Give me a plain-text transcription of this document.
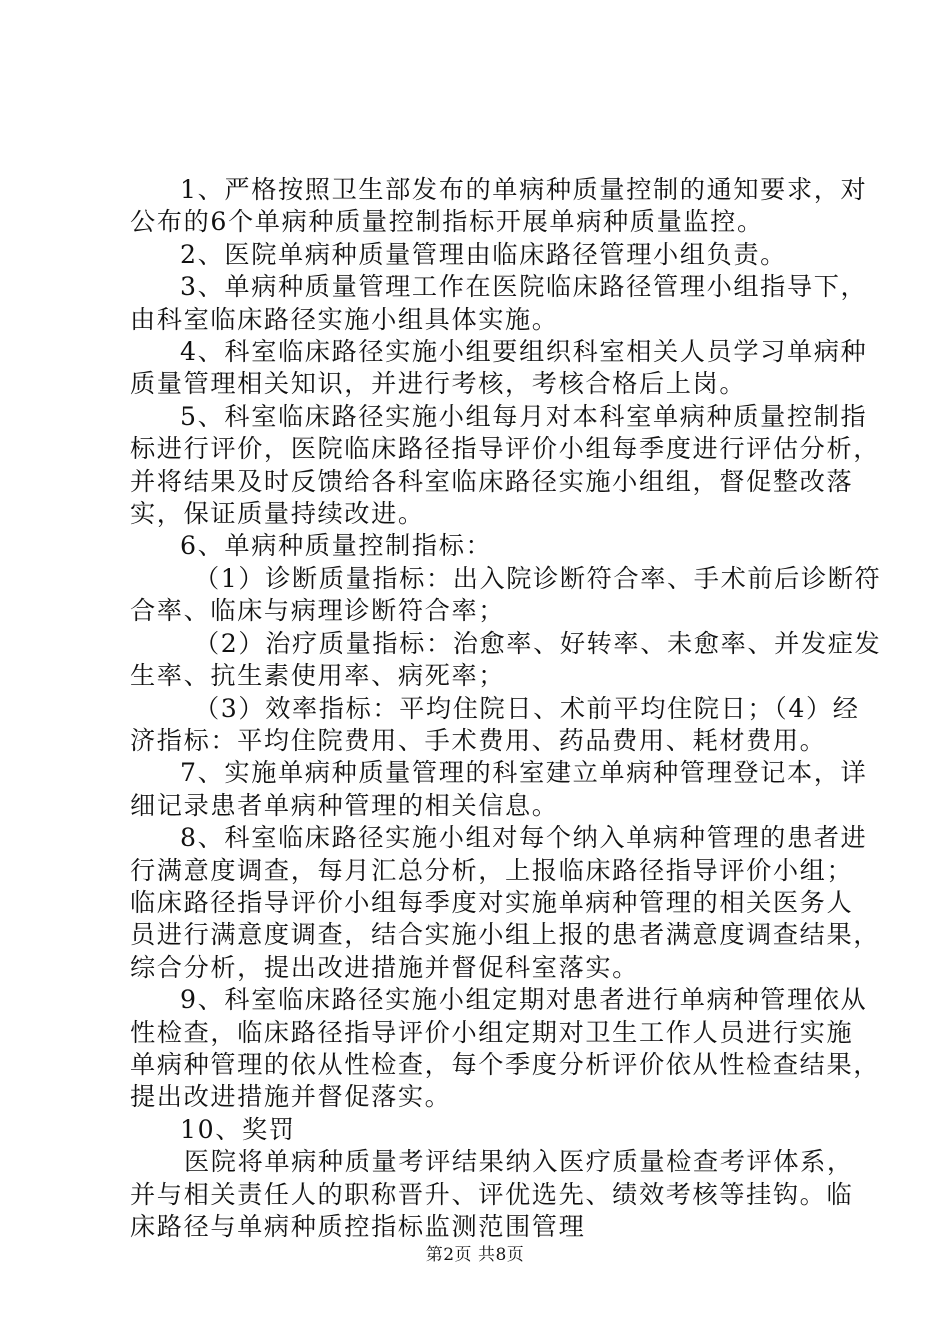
1、严格按照卫生部发布的单病种质量控制的通知要求，对
公布的6个单病种质量控制指标开展单病种质量监控。
2、医院单病种质量管理由临床路径管理小组负责。
3、单病种质量管理工作在医院临床路径管理小组指导下，
由科室临床路径实施小组具体实施。
4、科室临床路径实施小组要组织科室相关人员学习单病种
质量管理相关知识，并进行考核，考核合格后上岗。
5、科室临床路径实施小组每月对本科室单病种质量控制指
标进行评价，医院临床路径指导评价小组每季度进行评估分析，
并将结果及时反馈给各科室临床路径实施小组组，督促整改落
实，保证质量持续改进。
6、单病种质量控制指标：
（1）诊断质量指标：出入院诊断符合率、手术前后诊断符
合率、临床与病理诊断符合率；
（2）治疗质量指标：治愈率、好转率、未愈率、并发症发
生率、抗生素使用率、病死率；
（3）效率指标：平均住院日、术前平均住院日；（4）经
济指标：平均住院费用、手术费用、药品费用、耗材费用。
7、实施单病种质量管理的科室建立单病种管理登记本，详
细记录患者单病种管理的相关信息。
8、科室临床路径实施小组对每个纳入单病种管理的患者进
行满意度调查，每月汇总分析，上报临床路径指导评价小组；
临床路径指导评价小组每季度对实施单病种管理的相关医务人
员进行满意度调查，结合实施小组上报的患者满意度调查结果，
综合分析，提出改进措施并督促科室落实。
9、科室临床路径实施小组定期对患者进行单病种管理依从
性检查，临床路径指导评价小组定期对卫生工作人员进行实施
单病种管理的依从性检查，每个季度分析评价依从性检查结果，
提出改进措施并督促落实。
10、奖罚
医院将单病种质量考评结果纳入医疗质量检查考评体系，
并与相关责任人的职称晋升、评优选先、绩效考核等挂钩。临
床路径与单病种质控指标监测范围管理
第2页 共8页
